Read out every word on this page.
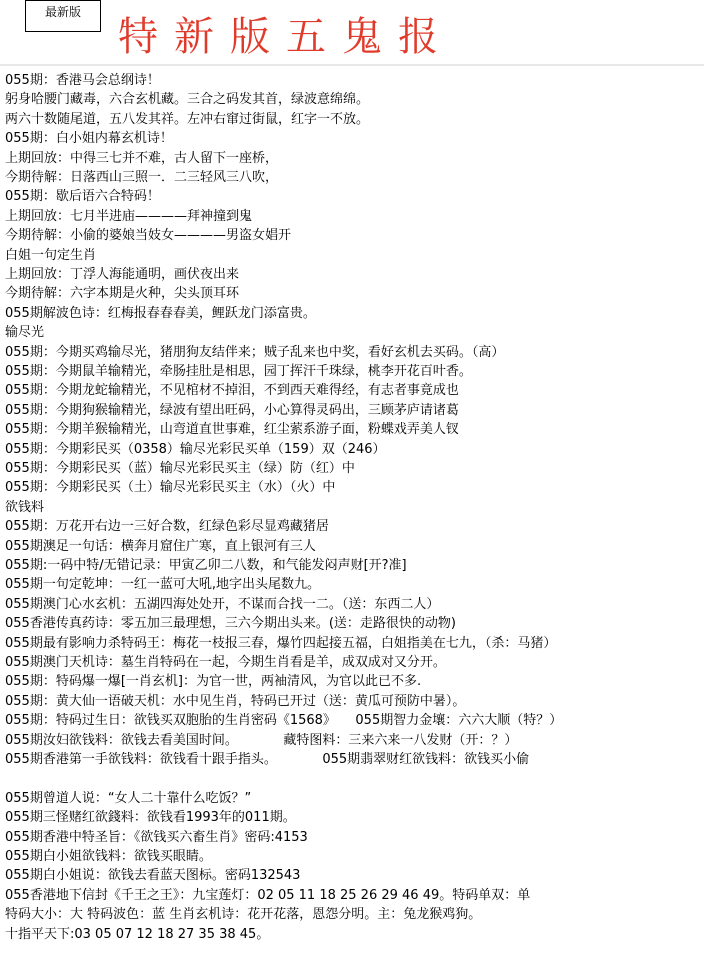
最新版
特新版五鬼报
055期：香港马会总纲诗！
躬身哈腰门藏毒，六合玄机藏。三合之码发其首，绿波意绵绵。
两六十数随尾道，五八发其祥。左冲右窜过街鼠，红字一不放。
055期：白小姐内幕玄机诗！
上期回放：中得三七并不难，古人留下一座桥，
今期待解：日落西山三照一．二三轻风三八吹，
055期：歇后语六合特码！
上期回放：七月半进庙————拜神撞到鬼
今期待解：小偷的婆娘当妓女————男盗女娼开
白姐一句定生肖
上期回放：丁浮人海能通明，画伏夜出来
今期待解：六字本期是火种，尖头顶耳环
055期解波色诗：红梅报春春春美，鲤跃龙门添富贵。
输尽光
055期：今期买鸡输尽光，猪朋狗友结伴来；贼子乱来也中奖，看好玄机去买码。（高）
055期：今期鼠羊输精光，牵肠挂肚是相思，园丁挥汗千珠绿，桃李开花百叶香。
055期：今期龙蛇输精光，不见棺材不掉泪，不到西天难得经，有志者事竟成也
055期：今期狗猴输精光，绿波有望出旺码，小心算得灵码出，三顾茅庐请诸葛
055期：今期羊猴输精光，山弯道直世事难，红尘萦系游子面，粉蝶戏弄美人钗
055期：今期彩民买（0358）输尽光彩民买单（159）双（246）
055期：今期彩民买（蓝）输尽光彩民买主（绿）防（红）中
055期：今期彩民买（土）输尽光彩民买主（水）（火）中
欲钱料
055期：万花开右边一三好合数，红绿色彩尽显鸡藏猪居
055期澳足一句话：横奔月窟住广寒，直上银河有三人
055期:一码中特/无错记录：甲寅乙卯二八数，和气能发闷声财[开?准]
055期一句定乾坤：一红一蓝可大吼,地字出头尾数九。
055期澳门心水玄机：五湖四海处处开，不谋而合找一二。（送：东西二人）
055香港传真药诗：零五加三最理想，三六今期出头来。(送：走路很快的动物)
055期最有影响力杀特码王：梅花一枝报三春，爆竹四起接五福，白姐指美在七九，（杀：马猪）
055期澳门天机诗：墓生肖特码在一起，今期生肖看是羊，成双成对又分开。
055期：特码爆一爆[一肖玄机]：为官一世，两袖清风，为官以此已不多.
055期：黄大仙一语破天机：水中见生肖，特码已开过（送：黄瓜可预防中暑）。
055期：特码过生日：欲钱买双胞胎的生肖密码《1568》　　055期智力金壤：六六大顺（特？）
055期汝妇欲钱料：欲钱去看美国时间。　　　　藏特图料：三来六来一八发财（开：？）
055期香港第一手欲钱料：欲钱看十跟手指头。　　　　055期翡翠财红欲钱料：欲钱买小偷
055期曾道人说：“女人二十靠什么吃饭？”
055期三怪赌红欲錢料：欲钱看1993年的011期。
055期香港中特圣旨：《欲钱买六畜生肖》密码:4153
055期白小姐欲钱料：欲钱买眼睛。
055期白小姐说：欲钱去看蓝天图标。密码132543
055香港地下信封《千王之王》：九宝莲灯：02 05 11 18 25 26 29 46 49。特码单双：单
特码大小：大 特码波色：蓝 生肖玄机诗：花开花落，恩怨分明。主：兔龙猴鸡狗。
十指平天下:03 05 07 12 18 27 35 38 45。
